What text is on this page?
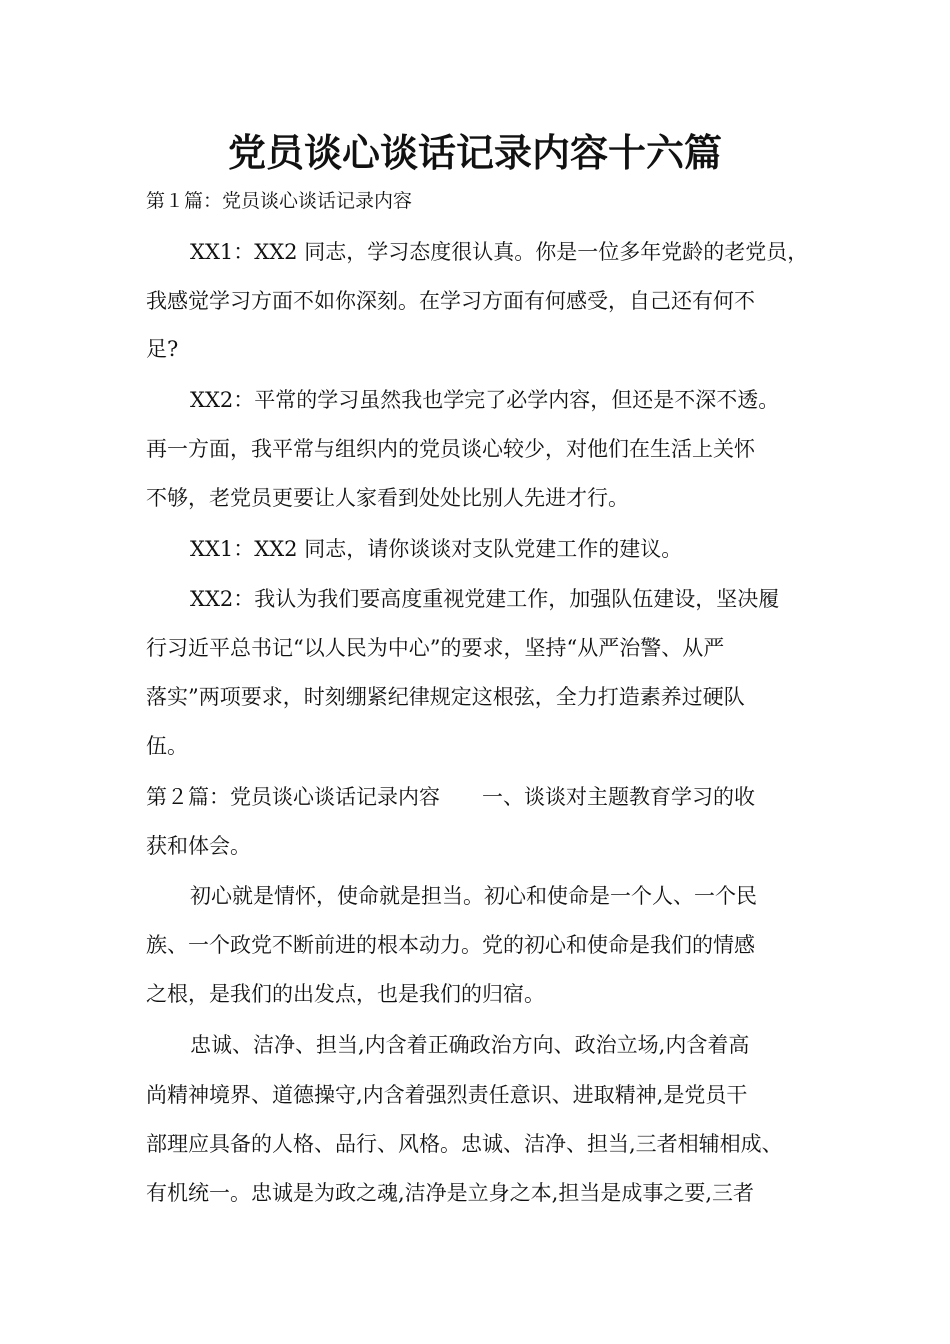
党员谈心谈话记录内容十六篇

第１篇：党员谈心谈话记录内容

XX1：XX2 同志，学习态度很认真。你是一位多年党龄的老党员，

我感觉学习方面不如你深刻。在学习方面有何感受，自己还有何不

足?

XX2：平常的学习虽然我也学完了必学内容，但还是不深不透。

再一方面，我平常与组织内的党员谈心较少，对他们在生活上关怀

不够，老党员更要让人家看到处处比别人先进才行。

XX1：XX2 同志，请你谈谈对支队党建工作的建议。

XX2：我认为我们要高度重视党建工作，加强队伍建设，坚决履

行习近平总书记“以人民为中心”的要求，坚持“从严治警、从严

落实”两项要求，时刻绷紧纪律规定这根弦，全力打造素养过硬队

伍。

第２篇：党员谈心谈话记录内容　　一、谈谈对主题教育学习的收

获和体会。

初心就是情怀，使命就是担当。初心和使命是一个人、一个民

族、一个政党不断前进的根本动力。党的初心和使命是我们的情感

之根，是我们的出发点，也是我们的归宿。

忠诚、洁净、担当,内含着正确政治方向、政治立场,内含着高

尚精神境界、道德操守,内含着强烈责任意识、进取精神,是党员干

部理应具备的人格、品行、风格。忠诚、洁净、担当,三者相辅相成、

有机统一。忠诚是为政之魂,洁净是立身之本,担当是成事之要,三者
